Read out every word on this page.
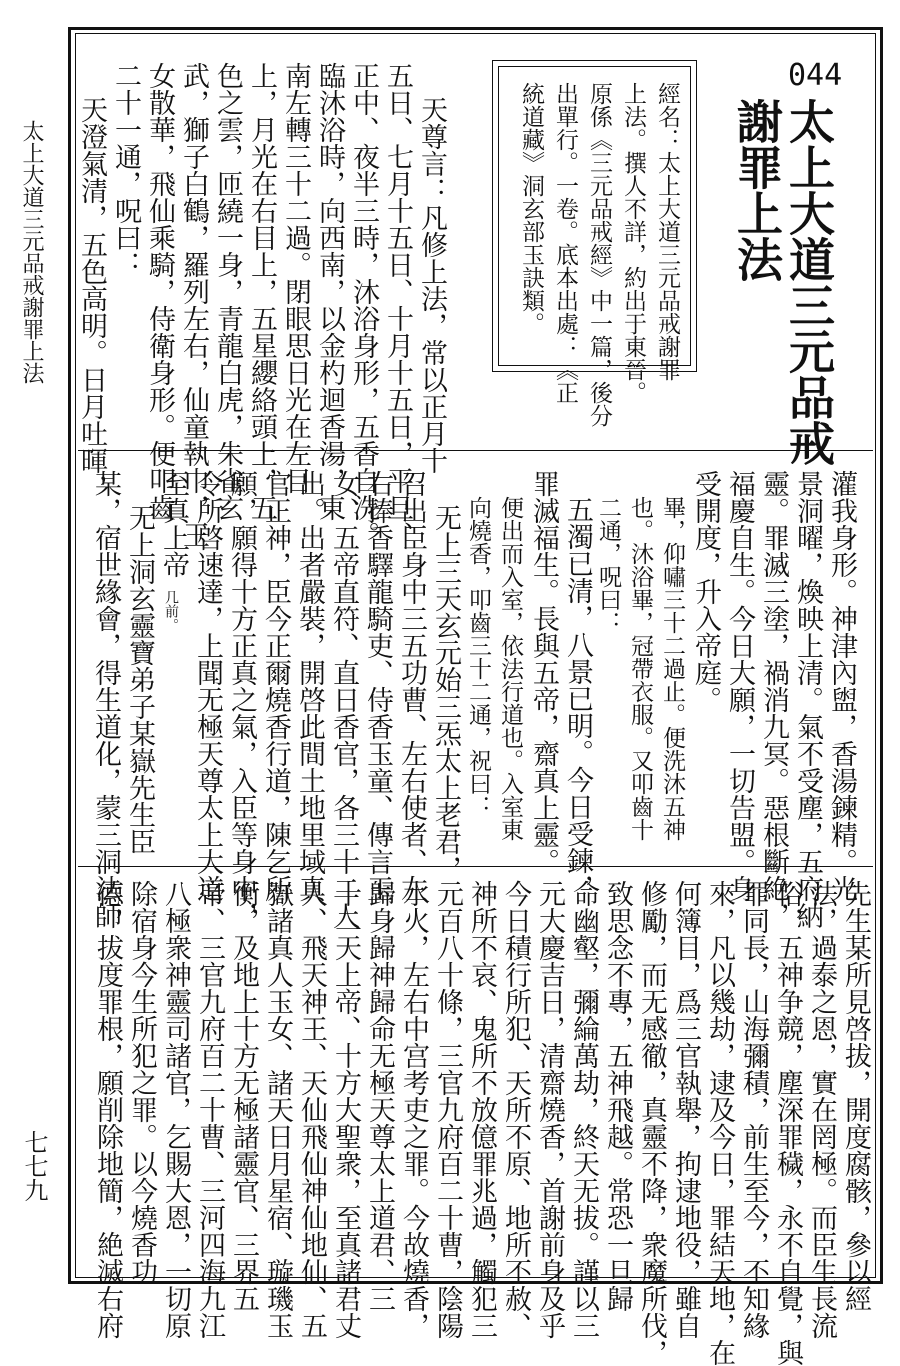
太上大道三元品戒謝罪上法
七七九
044
太上大道三元品戒
謝罪上法
經名：太上大道三元品戒謝罪
上法。撰人不詳，約出于東晉。
原係《三元品戒經》中一篇，後分
出單行。一卷。底本出處：《正
統道藏》洞玄部玉訣類。
天尊言：凡修上法，常以正月十
五日、七月十五日、十月十五日，平旦、
正中、夜半三時，沐浴身形，五香自洗。
臨沐浴時，向西南，以金杓迴香湯，東
南左轉三十二過。閉眼思日光在左目
上，月光在右目上，五星纓絡頭上，五
色之雲，匝繞一身，青龍白虎，朱雀玄
武，獅子白鶴，羅列左右，仙童執巾，玉
女散華，飛仙乘騎，侍衛身形。便叩齒
二十一通，呪曰：
天澄氣清，五色高明。日月吐暉，
灌我身形。神津內盥，香湯鍊精。光
景洞曜，煥映上清。氣不受塵，五府納
靈。罪滅三塗，禍消九冥。惡根斷絶，
福慶自生。今日大願，一切告盟。身
受開度，升入帝庭。
畢，仰嘯三十二過止。便洗沐五神
也。沐浴畢，冠帶衣服。又叩齒十
二通，呪曰：
五濁已清，八景已明。今日受鍊，
罪滅福生。長與五帝，齋真上靈。
便出而入室，依法行道也。入室東
向燒香，叩齒三十二通，祝曰：
无上三天玄元始三炁太上老君，
召出臣身中三五功曹、左右使者、左
右捧香驛龍騎吏、侍香玉童、傳言玉
女、五帝直符、直日香官，各三十二人
出。出者嚴裝，開啓此間土地里域真
官正神，臣今正爾燒香行道，陳乞所
願，願得十方正真之氣，入臣等身中，
令所啓速達，上聞无極天尊太上大道
至真上帝
几前。
无上洞玄靈寶弟子某嶽先生臣
某，宿世緣會，得生道化，蒙三洞法師
先生某所見啓拔，開度腐骸，參以經
法，過泰之恩，實在罔極。而臣生長流
俗，五神争競，塵深罪穢，永不自覺，與
罪同長，山海彌積，前生至今，不知緣
來，凡以幾劫，逮及今日，罪結天地，在
何簿目，爲三官執舉，拘逮地役，雖自
修勵，而无感徹，真靈不降，衆魔所伐，
致思念不專，五神飛越。常恐一旦歸
命幽壑，彌綸萬劫，終天无拔。謹以三
元大慶吉日，清齋燒香，首謝前身及乎
今日積行所犯、天所不原、地所不赦、
神所不哀、鬼所不放億罪兆過，觸犯三
元百八十條，三官九府百二十曹，陰陽
水火，左右中宫考吏之罪。今故燒香，
歸身歸神歸命无極天尊太上道君、三
十二天上帝、十方大聖衆，至真諸君丈
人、飛天神王、天仙飛仙神仙地仙、五
嶽諸真人玉女、諸天日月星宿、璇璣玉
衡，及地上十方无極諸靈官、三界五
帝、三官九府百二十曹、三河四海九江
八極衆神靈司諸官，乞賜大恩，一切原
除宿身今生所犯之罪。以今燒香功
德，拔度罪根，願削除地簡，絶滅右府
